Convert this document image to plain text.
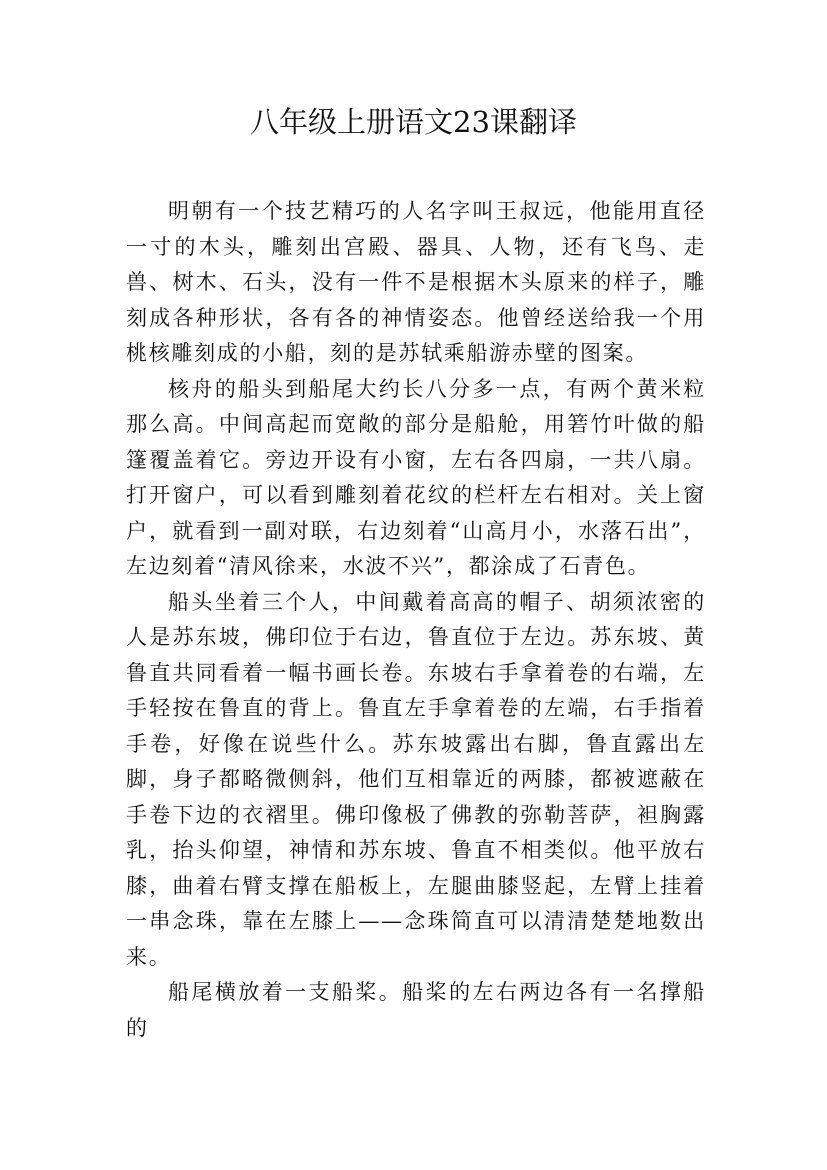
八年级上册语文23课翻译

明朝有一个技艺精巧的人名字叫王叔远，他能用直径一寸的木头，雕刻出宫殿、器具、人物，还有飞鸟、走兽、树木、石头，没有一件不是根据木头原来的样子，雕刻成各种形状，各有各的神情姿态。他曾经送给我一个用桃核雕刻成的小船，刻的是苏轼乘船游赤壁的图案。

核舟的船头到船尾大约长八分多一点，有两个黄米粒那么高。中间高起而宽敞的部分是船舱，用箬竹叶做的船篷覆盖着它。旁边开设有小窗，左右各四扇，一共八扇。打开窗户，可以看到雕刻着花纹的栏杆左右相对。关上窗户，就看到一副对联，右边刻着“山高月小，水落石出”，左边刻着“清风徐来，水波不兴”，都涂成了石青色。

船头坐着三个人，中间戴着高高的帽子、胡须浓密的人是苏东坡，佛印位于右边，鲁直位于左边。苏东坡、黄鲁直共同看着一幅书画长卷。东坡右手拿着卷的右端，左手轻按在鲁直的背上。鲁直左手拿着卷的左端，右手指着手卷，好像在说些什么。苏东坡露出右脚，鲁直露出左脚，身子都略微侧斜，他们互相靠近的两膝，都被遮蔽在手卷下边的衣褶里。佛印像极了佛教的弥勒菩萨，袒胸露乳，抬头仰望，神情和苏东坡、鲁直不相类似。他平放右膝，曲着右臂支撑在船板上，左腿曲膝竖起，左臂上挂着一串念珠，靠在左膝上——念珠简直可以清清楚楚地数出来。

船尾横放着一支船桨。船桨的左右两边各有一名撑船的
